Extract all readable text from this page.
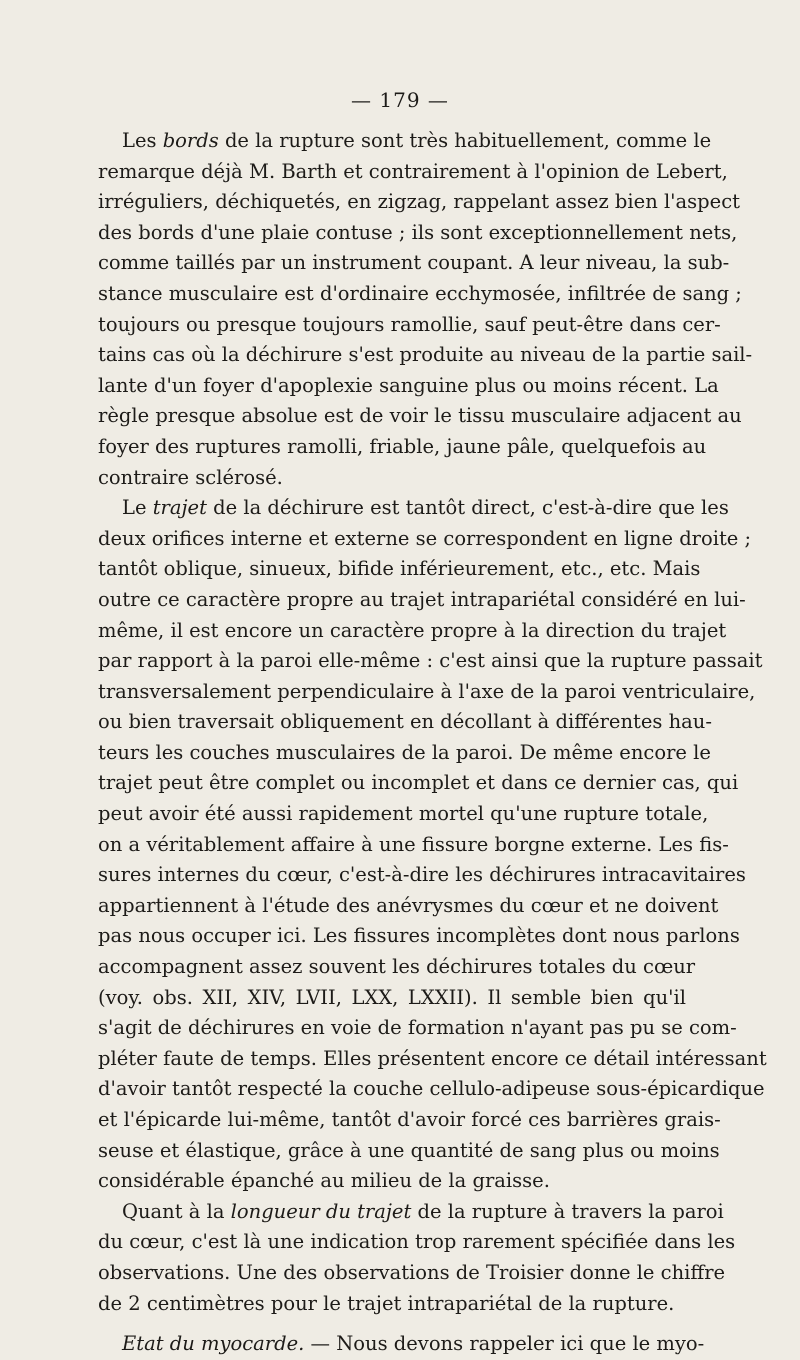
— 179 —
Les bords de la rupture sont très habituellement, comme le
remarque déjà M. Barth et contrairement à l'opinion de Lebert,
irréguliers, déchiquetés, en zigzag, rappelant assez bien l'aspect
des bords d'une plaie contuse ; ils sont exceptionnellement nets,
comme taillés par un instrument coupant. A leur niveau, la sub-
stance musculaire est d'ordinaire ecchymosée, infiltrée de sang ;
toujours ou presque toujours ramollie, sauf peut-être dans cer-
tains cas où la déchirure s'est produite au niveau de la partie sail-
lante d'un foyer d'apoplexie sanguine plus ou moins récent. La
règle presque absolue est de voir le tissu musculaire adjacent au
foyer des ruptures ramolli, friable, jaune pâle, quelquefois au
contraire sclérosé.
Le trajet de la déchirure est tantôt direct, c'est-à-dire que les
deux orifices interne et externe se correspondent en ligne droite ;
tantôt oblique, sinueux, bifide inférieurement, etc., etc. Mais
outre ce caractère propre au trajet intrapariétal considéré en lui-
même, il est encore un caractère propre à la direction du trajet
par rapport à la paroi elle-même : c'est ainsi que la rupture passait
transversalement perpendiculaire à l'axe de la paroi ventriculaire,
ou bien traversait obliquement en décollant à différentes hau-
teurs les couches musculaires de la paroi. De même encore le
trajet peut être complet ou incomplet et dans ce dernier cas, qui
peut avoir été aussi rapidement mortel qu'une rupture totale,
on a véritablement affaire à une fissure borgne externe. Les fis-
sures internes du cœur, c'est-à-dire les déchirures intracavitaires
appartiennent à l'étude des anévrysmes du cœur et ne doivent
pas nous occuper ici. Les fissures incomplètes dont nous parlons
accompagnent assez souvent les déchirures totales du cœur
(voy. obs. XII, XIV, LVII, LXX, LXXII). Il semble bien qu'il
s'agit de déchirures en voie de formation n'ayant pas pu se com-
pléter faute de temps. Elles présentent encore ce détail intéressant
d'avoir tantôt respecté la couche cellulo-adipeuse sous-épicardique
et l'épicarde lui-même, tantôt d'avoir forcé ces barrières grais-
seuse et élastique, grâce à une quantité de sang plus ou moins
considérable épanché au milieu de la graisse.
Quant à la longueur du trajet de la rupture à travers la paroi
du cœur, c'est là une indication trop rarement spécifiée dans les
observations. Une des observations de Troisier donne le chiffre
de 2 centimètres pour le trajet intrapariétal de la rupture.
Etat du myocarde. — Nous devons rappeler ici que le myo-
